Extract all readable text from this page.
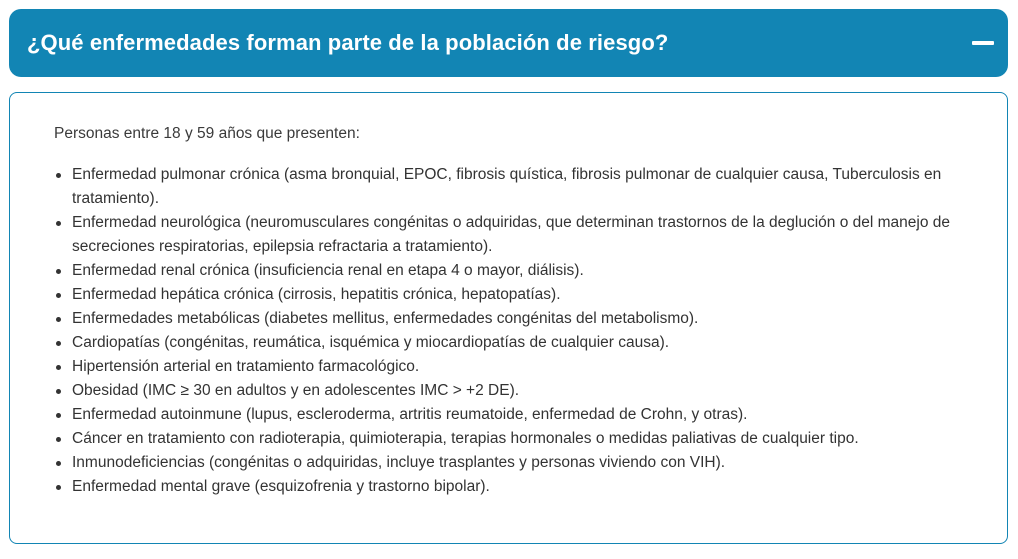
¿Qué enfermedades forman parte de la población de riesgo?

Personas entre 18 y 59 años que presenten:

Enfermedad pulmonar crónica (asma bronquial, EPOC, fibrosis quística, fibrosis pulmonar de cualquier causa, Tuberculosis en tratamiento).
Enfermedad neurológica (neuromusculares congénitas o adquiridas, que determinan trastornos de la deglución o del manejo de secreciones respiratorias, epilepsia refractaria a tratamiento).
Enfermedad renal crónica (insuficiencia renal en etapa 4 o mayor, diálisis).
Enfermedad hepática crónica (cirrosis, hepatitis crónica, hepatopatías).
Enfermedades metabólicas (diabetes mellitus, enfermedades congénitas del metabolismo).
Cardiopatías (congénitas, reumática, isquémica y miocardiopatías de cualquier causa).
Hipertensión arterial en tratamiento farmacológico.
Obesidad (IMC ≥ 30 en adultos y en adolescentes IMC > +2 DE).
Enfermedad autoinmune (lupus, escleroderma, artritis reumatoide, enfermedad de Crohn, y otras).
Cáncer en tratamiento con radioterapia, quimioterapia, terapias hormonales o medidas paliativas de cualquier tipo.
Inmunodeficiencias (congénitas o adquiridas, incluye trasplantes y personas viviendo con VIH).
Enfermedad mental grave (esquizofrenia y trastorno bipolar).
